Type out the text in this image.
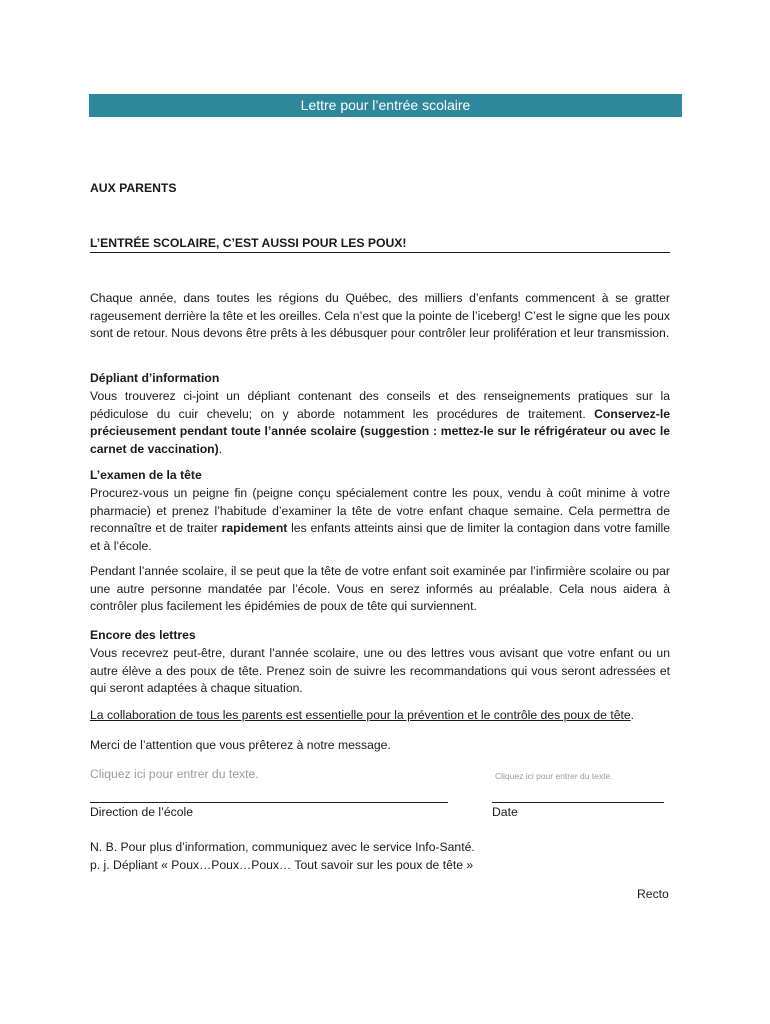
Lettre pour l’entrée scolaire
AUX PARENTS
L’ENTRÉE SCOLAIRE, C’EST AUSSI POUR LES POUX!
Chaque année, dans toutes les régions du Québec, des milliers d’enfants commencent à se gratter rageusement derrière la tête et les oreilles. Cela n’est que la pointe de l’iceberg! C’est le signe que les poux sont de retour. Nous devons être prêts à les débusquer pour contrôler leur prolifération et leur transmission.
Dépliant d’information
Vous trouverez ci-joint un dépliant contenant des conseils et des renseignements pratiques sur la pédiculose du cuir chevelu; on y aborde notamment les procédures de traitement. Conservez-le précieusement pendant toute l’année scolaire (suggestion : mettez-le sur le réfrigérateur ou avec le carnet de vaccination).
L’examen de la tête
Procurez-vous un peigne fin (peigne conçu spécialement contre les poux, vendu à coût minime à votre pharmacie) et prenez l’habitude d’examiner la tête de votre enfant chaque semaine. Cela permettra de reconnaître et de traiter rapidement les enfants atteints ainsi que de limiter la contagion dans votre famille et à l’école.
Pendant l’année scolaire, il se peut que la tête de votre enfant soit examinée par l’infirmière scolaire ou par une autre personne mandatée par l’école. Vous en serez informés au préalable. Cela nous aidera à contrôler plus facilement les épidémies de poux de tête qui surviennent.
Encore des lettres
Vous recevrez peut-être, durant l’année scolaire, une ou des lettres vous avisant que votre enfant ou un autre élève a des poux de tête. Prenez soin de suivre les recommandations qui vous seront adressées et qui seront adaptées à chaque situation.
La collaboration de tous les parents est essentielle pour la prévention et le contrôle des poux de tête.
Merci de l’attention que vous prêterez à notre message.
Cliquez ici pour entrer du texte.	Cliquez ici pour entrer du texte.
Direction de l’école	Date
N. B. Pour plus d’information, communiquez avec le service Info-Santé.
p. j. Dépliant « Poux…Poux…Poux… Tout savoir sur les poux de tête »
Recto
